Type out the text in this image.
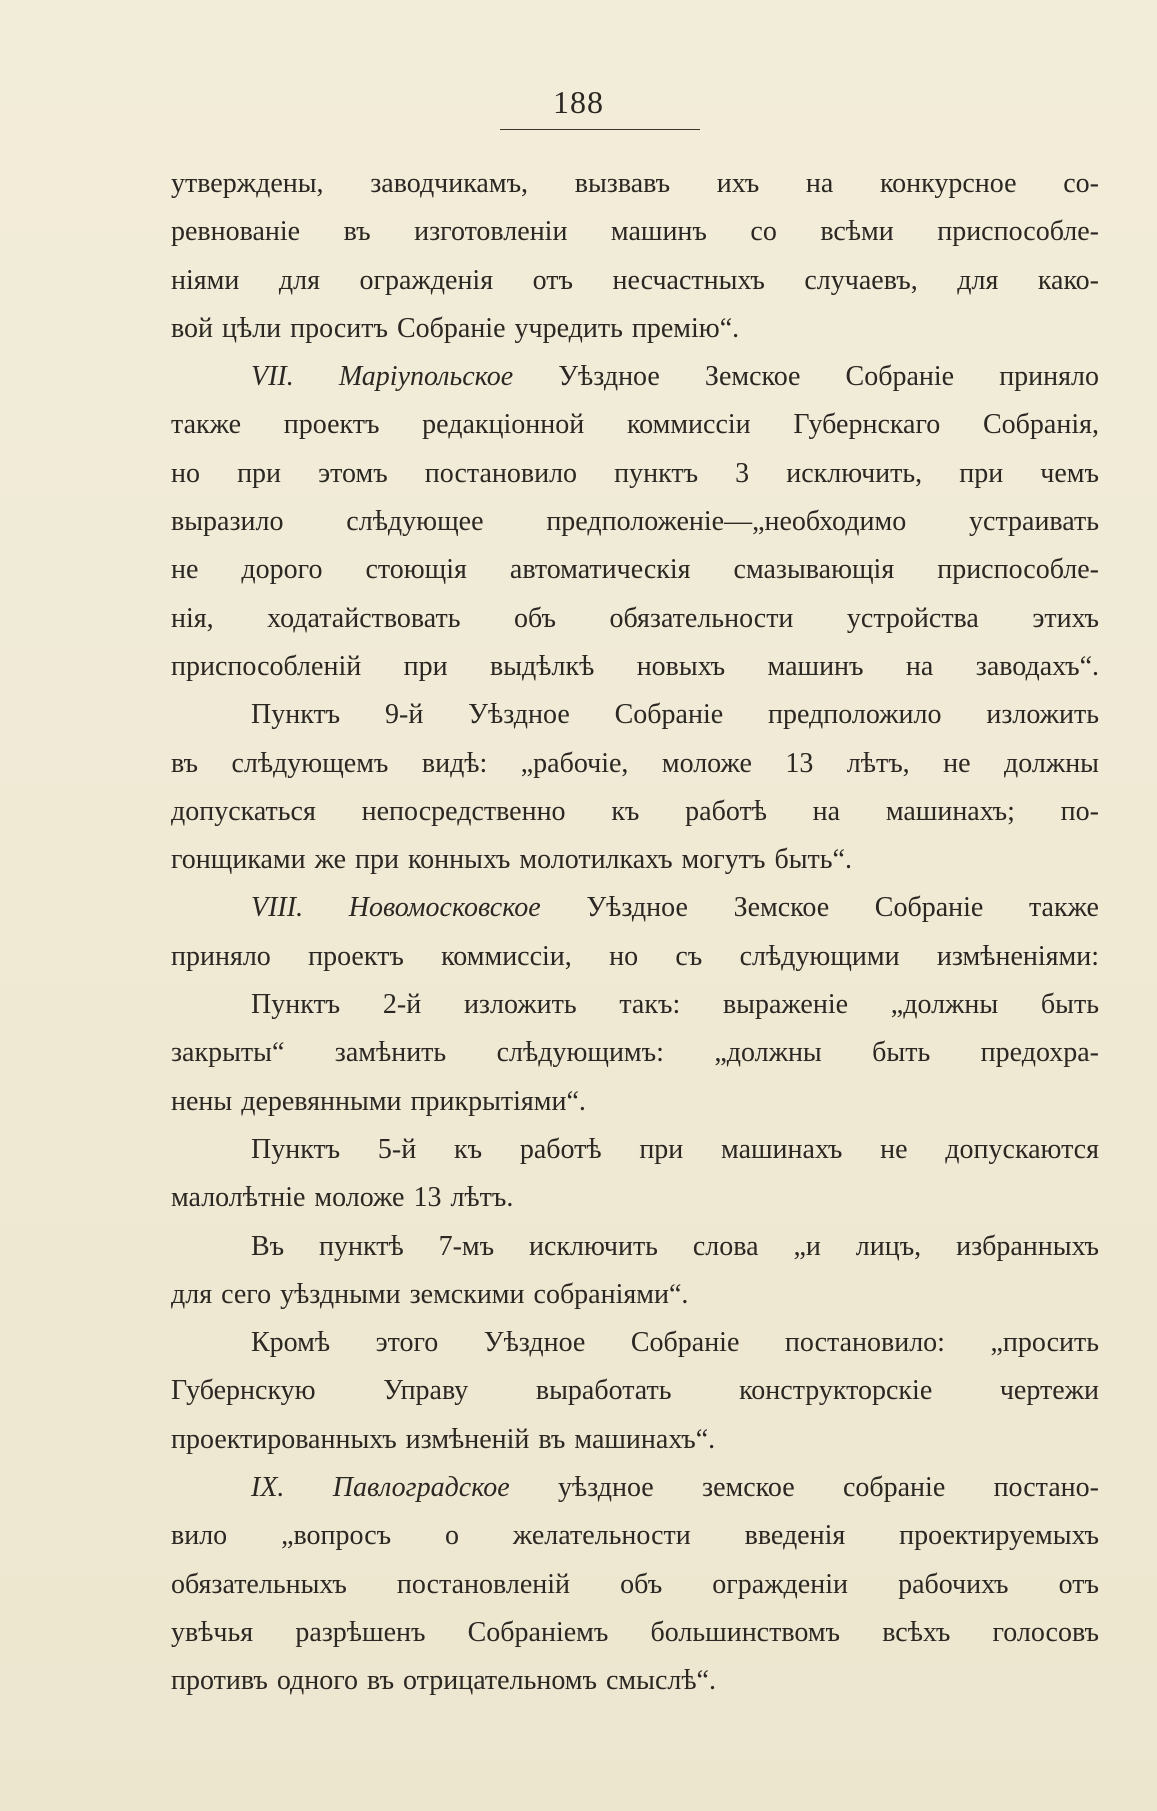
188
утверждены, заводчикамъ, вызвавъ ихъ на конкурсное со-
ревнованіе въ изготовленіи машинъ со всѣми приспособле-
ніями для огражденія отъ несчастныхъ случаевъ, для како-
вой цѣли проситъ Собраніе учредить премію“.
VII. Маріупольское Уѣздное Земское Собраніе приняло
также проектъ редакціонной коммиссіи Губернскаго Собранія,
но при этомъ постановило пунктъ 3 исключить, при чемъ
выразило слѣдующее предположеніе—„необходимо устраивать
не дорого стоющія автоматическія смазывающія приспособле-
нія, ходатайствовать объ обязательности устройства этихъ
приспособленій при выдѣлкѣ новыхъ машинъ на заводахъ“.
Пунктъ 9-й Уѣздное Собраніе предположило изложить
въ слѣдующемъ видѣ: „рабочіе, моложе 13 лѣтъ, не должны
допускаться непосредственно къ работѣ на машинахъ; по-
гонщиками же при конныхъ молотилкахъ могутъ быть“.
VIII. Новомосковское Уѣздное Земское Собраніе также
приняло проектъ коммиссіи, но съ слѣдующими измѣненіями:
Пунктъ 2-й изложить такъ: выраженіе „должны быть
закрыты“ замѣнить слѣдующимъ: „должны быть предохра-
нены деревянными прикрытіями“.
Пунктъ 5-й къ работѣ при машинахъ не допускаются
малолѣтніе моложе 13 лѣтъ.
Въ пунктѣ 7-мъ исключить слова „и лицъ, избранныхъ
для сего уѣздными земскими собраніями“.
Кромѣ этого Уѣздное Собраніе постановило: „просить
Губернскую Управу выработать конструкторскіе чертежи
проектированныхъ измѣненій въ машинахъ“.
IX. Павлоградское уѣздное земское собраніе постано-
вило „вопросъ о желательности введенія проектируемыхъ
обязательныхъ постановленій объ огражденіи рабочихъ отъ
увѣчья разрѣшенъ Собраніемъ большинствомъ всѣхъ голосовъ
противъ одного въ отрицательномъ смыслѣ“.
